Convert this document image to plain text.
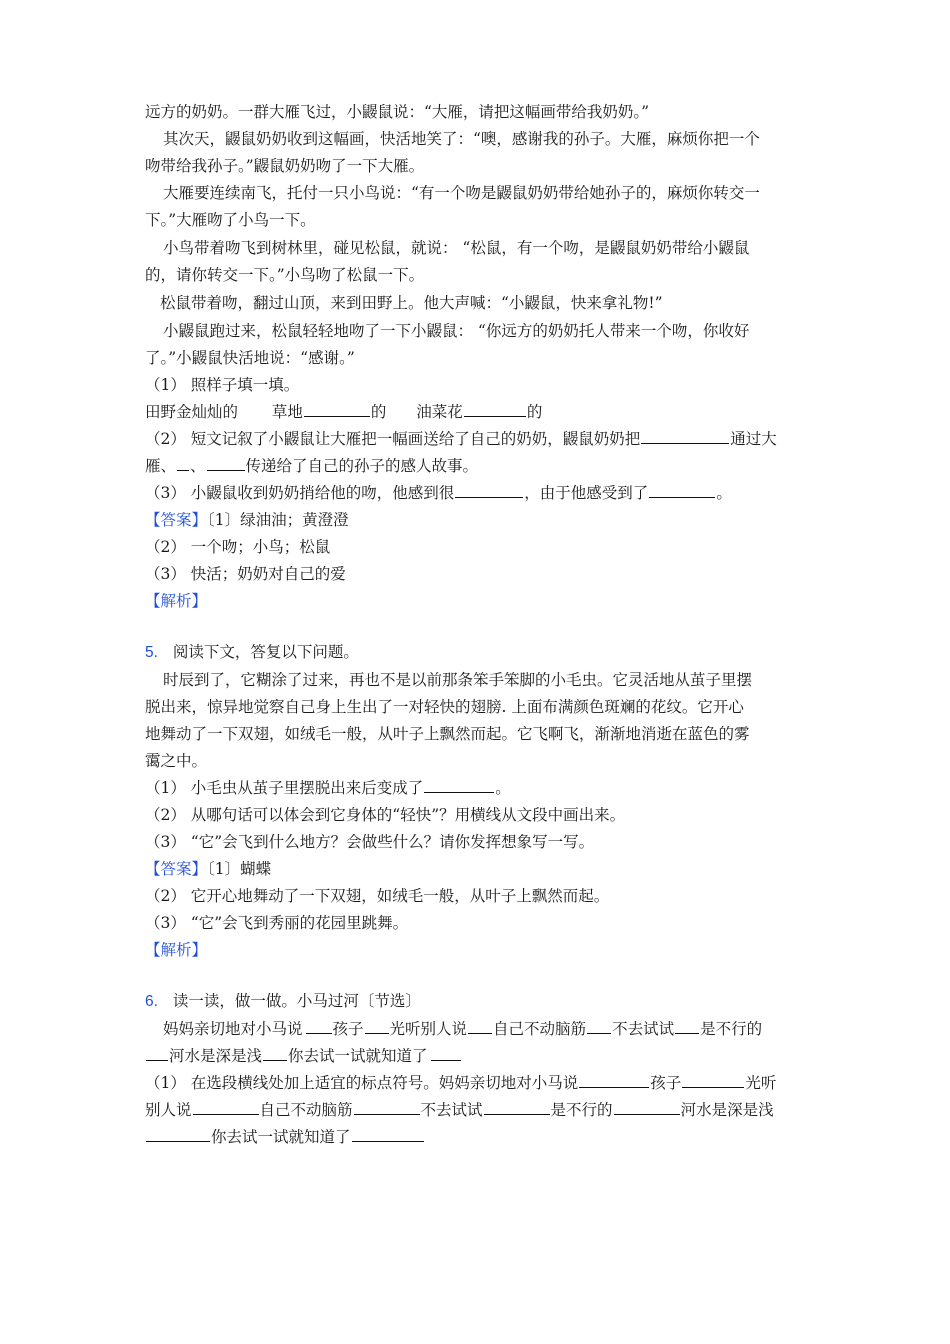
远方的奶奶。一群大雁飞过，小鼹鼠说：“大雁，请把这幅画带给我奶奶。”
其次天，鼹鼠奶奶收到这幅画，快活地笑了：“噢，感谢我的孙子。大雁，麻烦你把一个
吻带给我孙子。”鼹鼠奶奶吻了一下大雁。
大雁要连续南飞，托付一只小鸟说：“有一个吻是鼹鼠奶奶带给她孙子的，麻烦你转交一
下。”大雁吻了小鸟一下。
小鸟带着吻飞到树林里，碰见松鼠，就说： “松鼠，有一个吻，是鼹鼠奶奶带给小鼹鼠
的，请你转交一下。”小鸟吻了松鼠一下。
松鼠带着吻，翻过山顶，来到田野上。他大声喊：“小鼹鼠，快来拿礼物!”
小鼹鼠跑过来，松鼠轻轻地吻了一下小鼹鼠： “你远方的奶奶托人带来一个吻，你收好
了。”小鼹鼠快活地说：“感谢。”
（1） 照样子填一填。
田野金灿灿的 草地	的 油菜花	的
（2） 短文记叙了小鼹鼠让大雁把一幅画送给了自己的奶奶，鼹鼠奶奶把	通过大
雁、 、	传递给了自己的孙子的感人故事。
（3） 小鼹鼠收到奶奶捎给他的吻，他感到很	，由于他感受到了	。
【答案】〔1〕绿油油；黄澄澄
（2） 一个吻；小鸟；松鼠
（3） 快活；奶奶对自己的爱
【解析】
5. 阅读下文，答复以下问题。
时辰到了，它糊涂了过来，再也不是以前那条笨手笨脚的小毛虫。它灵活地从茧子里摆
脱出来，惊异地觉察自己身上生出了一对轻快的翅膀. 上面布满颜色斑斓的花纹。它开心
地舞动了一下双翅，如绒毛一般，从叶子上飘然而起。它飞啊飞，渐渐地消逝在蓝色的雾
霭之中。
（1） 小毛虫从茧子里摆脱出来后变成了	。
（2） 从哪句话可以体会到它身体的“轻快”？用横线从文段中画出来。
（3） “它”会飞到什么地方？会做些什么？请你发挥想象写一写。
【答案】〔1〕蝴蝶
（2） 它开心地舞动了一下双翅，如绒毛一般，从叶子上飘然而起。
（3） “它”会飞到秀丽的花园里跳舞。
【解析】
6. 读一读，做一做。小马过河〔节选〕
妈妈亲切地对小马说 孩子 光听别人说 自己不动脑筋 不去试试 是不行的
河水是深是浅 你去试一试就知道了
（1） 在选段横线处加上适宜的标点符号。妈妈亲切地对小马说	孩子	光听
别人说	自己不动脑筋	不去试试	是不行的	河水是深是浅
你去试一试就知道了
